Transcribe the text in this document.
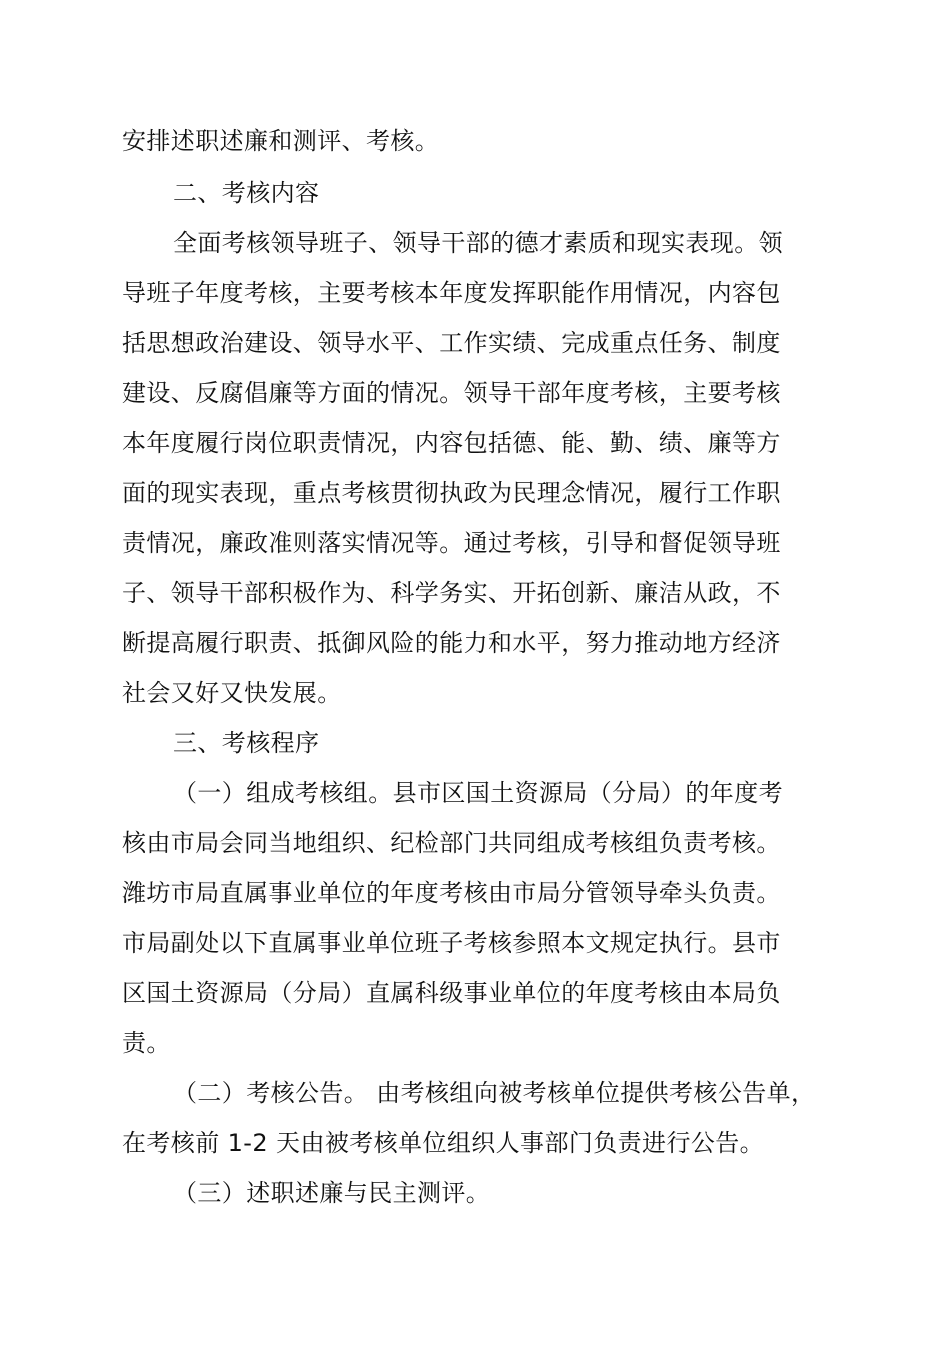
安排述职述廉和测评、考核。
二、考核内容
全面考核领导班子、领导干部的德才素质和现实表现。领
导班子年度考核，主要考核本年度发挥职能作用情况，内容包
括思想政治建设、领导水平、工作实绩、完成重点任务、制度
建设、反腐倡廉等方面的情况。领导干部年度考核，主要考核
本年度履行岗位职责情况，内容包括德、能、勤、绩、廉等方
面的现实表现，重点考核贯彻执政为民理念情况，履行工作职
责情况，廉政准则落实情况等。通过考核，引导和督促领导班
子、领导干部积极作为、科学务实、开拓创新、廉洁从政，不
断提高履行职责、抵御风险的能力和水平，努力推动地方经济
社会又好又快发展。
三、考核程序
（一）组成考核组。县市区国土资源局（分局）的年度考
核由市局会同当地组织、纪检部门共同组成考核组负责考核。
潍坊市局直属事业单位的年度考核由市局分管领导牵头负责。
市局副处以下直属事业单位班子考核参照本文规定执行。县市
区国土资源局（分局）直属科级事业单位的年度考核由本局负
责。
（二）考核公告。 由考核组向被考核单位提供考核公告单，
在考核前 1-2 天由被考核单位组织人事部门负责进行公告。
（三）述职述廉与民主测评。
